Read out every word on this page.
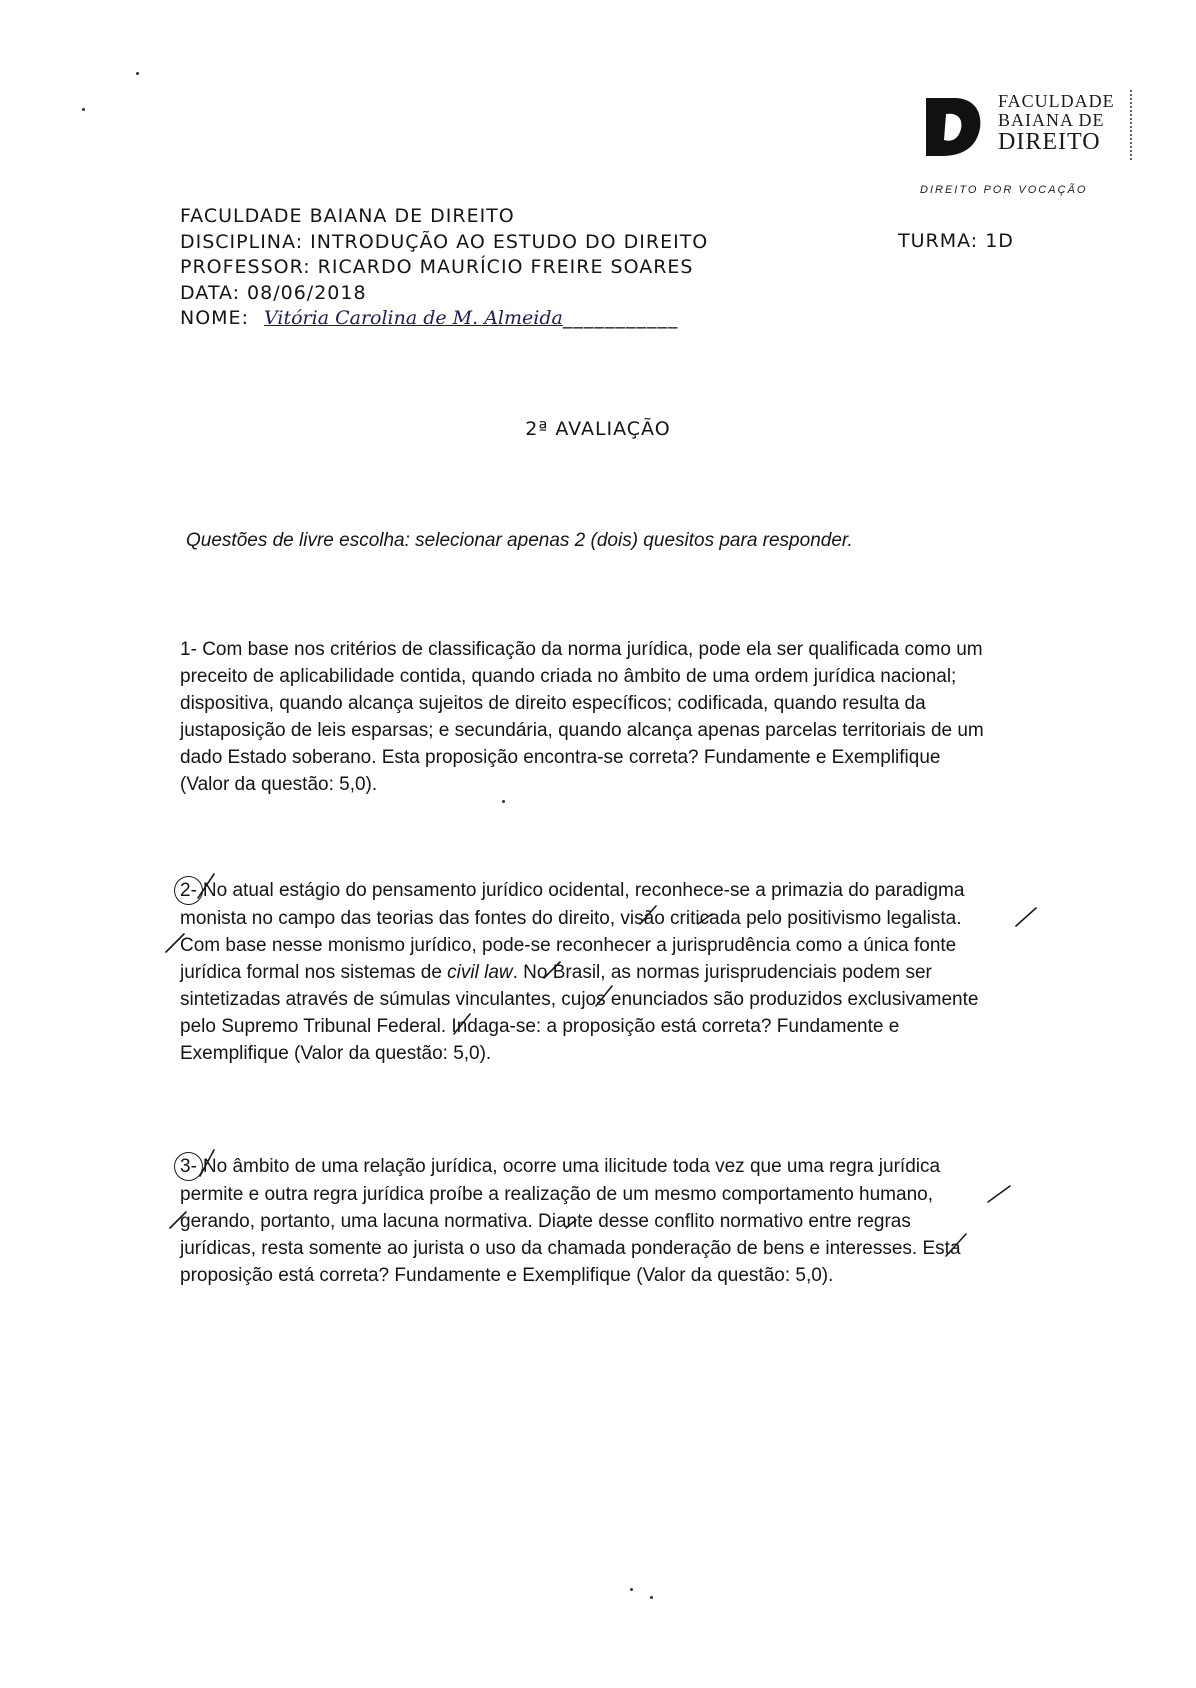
FACULDADE
BAIANA DE
DIREITO
DIREITO POR VOCAÇÃO
FACULDADE BAIANA DE DIREITO
DISCIPLINA: INTRODUÇÃO AO ESTUDO DO DIREITO
PROFESSOR: RICARDO MAURÍCIO FREIRE SOARES
DATA: 08/06/2018
NOME: Vitória Carolina de M. Almeida___________
TURMA: 1D
2ª AVALIAÇÃO
Questões de livre escolha: selecionar apenas 2 (dois) quesitos para responder.
1- Com base nos critérios de classificação da norma jurídica, pode ela ser qualificada como um
preceito de aplicabilidade contida, quando criada no âmbito de uma ordem jurídica nacional;
dispositiva, quando alcança sujeitos de direito específicos; codificada, quando resulta da
justaposição de leis esparsas; e secundária, quando alcança apenas parcelas territoriais de um
dado Estado soberano. Esta proposição encontra-se correta? Fundamente e Exemplifique
(Valor da questão: 5,0).
2- No atual estágio do pensamento jurídico ocidental, reconhece-se a primazia do paradigma
monista no campo das teorias das fontes do direito, visão criticada pelo positivismo legalista.
Com base nesse monismo jurídico, pode-se reconhecer a jurisprudência como a única fonte
jurídica formal nos sistemas de civil law. No Brasil, as normas jurisprudenciais podem ser
sintetizadas através de súmulas vinculantes, cujos enunciados são produzidos exclusivamente
pelo Supremo Tribunal Federal. Indaga-se: a proposição está correta? Fundamente e
Exemplifique (Valor da questão: 5,0).
3- No âmbito de uma relação jurídica, ocorre uma ilicitude toda vez que uma regra jurídica
permite e outra regra jurídica proíbe a realização de um mesmo comportamento humano,
gerando, portanto, uma lacuna normativa. Diante desse conflito normativo entre regras
jurídicas, resta somente ao jurista o uso da chamada ponderação de bens e interesses. Esta
proposição está correta? Fundamente e Exemplifique (Valor da questão: 5,0).
